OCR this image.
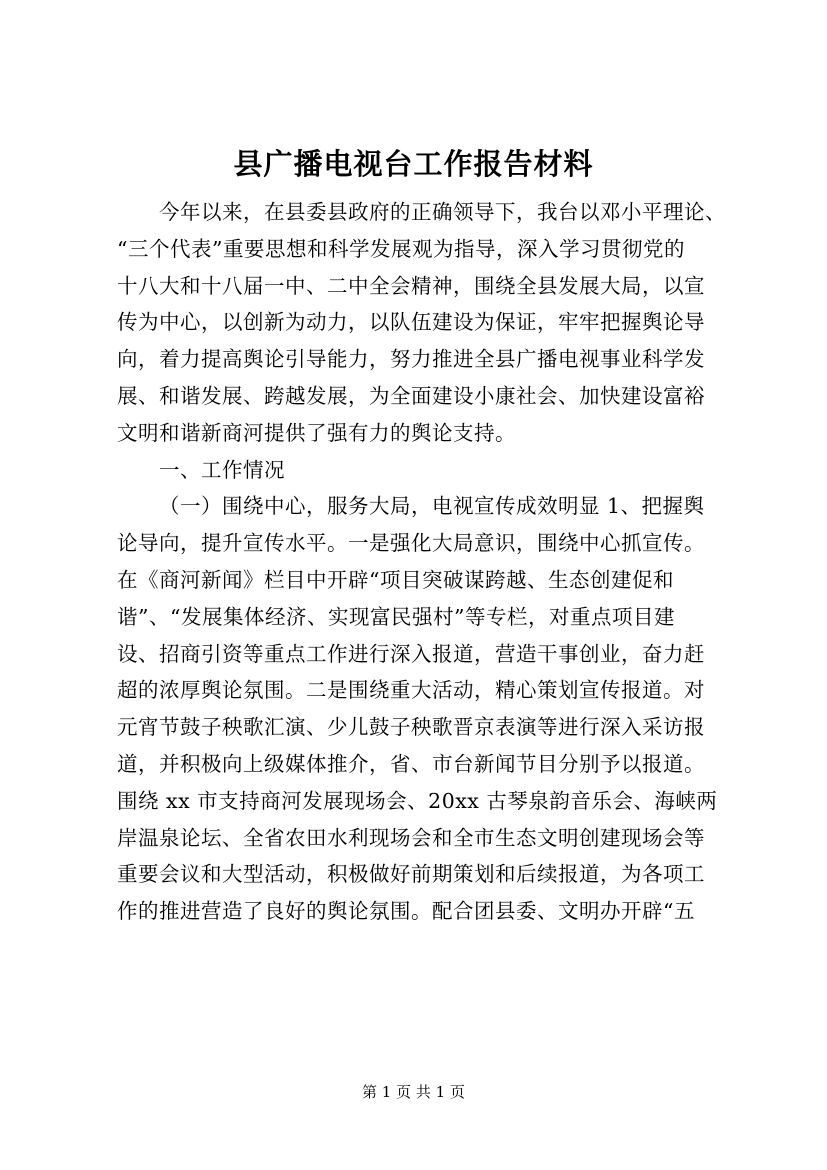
县广播电视台工作报告材料
今年以来，在县委县政府的正确领导下，我台以邓小平理论、
“三个代表”重要思想和科学发展观为指导，深入学习贯彻党的
十八大和十八届一中、二中全会精神，围绕全县发展大局，以宣
传为中心，以创新为动力，以队伍建设为保证，牢牢把握舆论导
向，着力提高舆论引导能力，努力推进全县广播电视事业科学发
展、和谐发展、跨越发展，为全面建设小康社会、加快建设富裕
文明和谐新商河提供了强有力的舆论支持。
一、工作情况
（一）围绕中心，服务大局，电视宣传成效明显 1、把握舆
论导向，提升宣传水平。一是强化大局意识，围绕中心抓宣传。
在《商河新闻》栏目中开辟“项目突破谋跨越、生态创建促和
谐”、“发展集体经济、实现富民强村”等专栏，对重点项目建
设、招商引资等重点工作进行深入报道，营造干事创业，奋力赶
超的浓厚舆论氛围。二是围绕重大活动，精心策划宣传报道。对
元宵节鼓子秧歌汇演、少儿鼓子秧歌晋京表演等进行深入采访报
道，并积极向上级媒体推介，省、市台新闻节目分别予以报道。
围绕 xx 市支持商河发展现场会、20xx 古琴泉韵音乐会、海峡两
岸温泉论坛、全省农田水利现场会和全市生态文明创建现场会等
重要会议和大型活动，积极做好前期策划和后续报道，为各项工
作的推进营造了良好的舆论氛围。配合团县委、文明办开辟“五
第 1 页 共 1 页
